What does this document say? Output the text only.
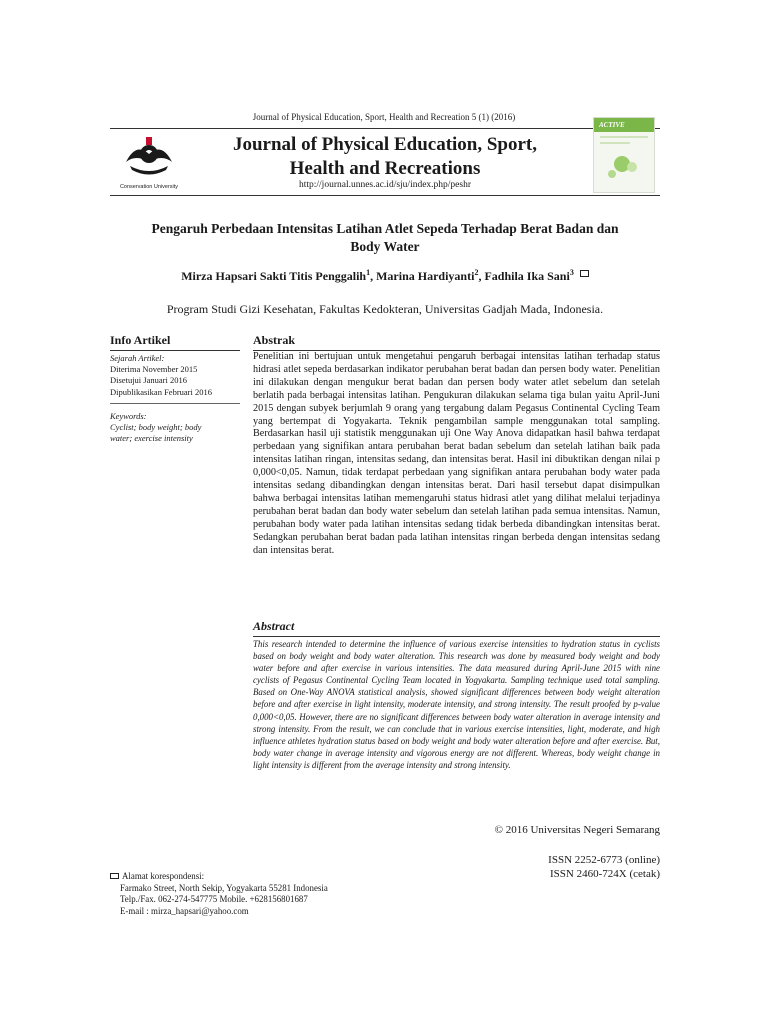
Journal of Physical Education, Sport, Health and Recreation 5 (1) (2016)
Conservation University
Journal of Physical Education, Sport,
Health and Recreations
http://journal.unnes.ac.id/sju/index.php/peshr
ACTIVE
Pengaruh Perbedaan Intensitas Latihan Atlet Sepeda Terhadap Berat Badan dan
Body Water
Mirza Hapsari Sakti Titis Penggalih$^1$, Marina Hardiyanti$^2$, Fadhila Ika Sani$^3$
Program Studi Gizi Kesehatan, Fakultas Kedokteran, Universitas Gadjah Mada, Indonesia.
Info Artikel	Abstrak
Sejarah Artikel:
Diterima November 2015
Disetujui Januari 2016
Dipublikasikan Februari 2016
Keywords:
Cyclist; body weight; body
water; exercise intensity
Penelitian ini bertujuan untuk mengetahui pengaruh berbagai intensitas latihan terhadap status hidrasi atlet sepeda berdasarkan indikator perubahan berat badan dan persen body water. Penelitian ini dilakukan dengan mengukur berat badan dan persen body water atlet sebelum dan setelah berlatih pada berbagai intensitas latihan. Pengukuran dilakukan selama tiga bulan yaitu April-Juni 2015 dengan subyek berjumlah 9 orang yang tergabung dalam Pegasus Continental Cycling Team yang bertempat di Yogyakarta. Teknik pengambilan sample menggunakan total sampling. Berdasarkan hasil uji statistik menggunakan uji One Way Anova didapatkan hasil bahwa terdapat perbedaan yang signifikan antara perubahan berat badan sebelum dan setelah latihan baik pada intensitas latihan ringan, intensitas sedang, dan intensitas berat. Hasil ini dibuktikan dengan nilai p 0,000<0,05. Namun, tidak terdapat perbedaan yang signifikan antara perubahan body water pada intensitas sedang dibandingkan dengan intensitas berat. Dari hasil tersebut dapat disimpulkan bahwa berbagai intensitas latihan memengaruhi status hidrasi atlet yang dilihat melalui terjadinya perubahan berat badan dan body water sebelum dan setelah latihan pada semua intensitas. Namun, perubahan body water pada latihan intensitas sedang tidak berbeda dibandingkan intensitas berat. Sedangkan perubahan berat badan pada latihan intensitas ringan berbeda dengan intensitas sedang dan intensitas berat.
Abstract
This research intended to determine the influence of various exercise intensities to hydration status in cyclists based on body weight and body water alteration. This research was done by measured body weight and body water before and after exercise in various intensities. The data measured during April-June 2015 with nine cyclists of Pegasus Continental Cycling Team located in Yogyakarta. Sampling technique used total sampling. Based on One-Way ANOVA statistical analysis, showed significant differences between body weight alteration before and after exercise in light intensity, moderate intensity, and strong intensity. The result proofed by p-value 0,000<0,05. However, there are no significant differences between body water alteration in average intensity and strong intensity. From the result, we can conclude that in various exercise intensities, light, moderate, and high influence athletes hydration status based on body weight and body water alteration before and after exercise. But, body water change in average intensity and vigorous energy are not different. Whereas, body weight change in light intensity is different from the average intensity and strong intensity.
© 2016 Universitas Negeri Semarang
ISSN 2252-6773 (online)
ISSN 2460-724X (cetak)
Alamat korespondensi:
Farmako Street, North Sekip, Yogyakarta 55281 Indonesia
Telp./Fax. 062-274-547775 Mobile. +628156801687
E-mail : mirza_hapsari@yahoo.com
